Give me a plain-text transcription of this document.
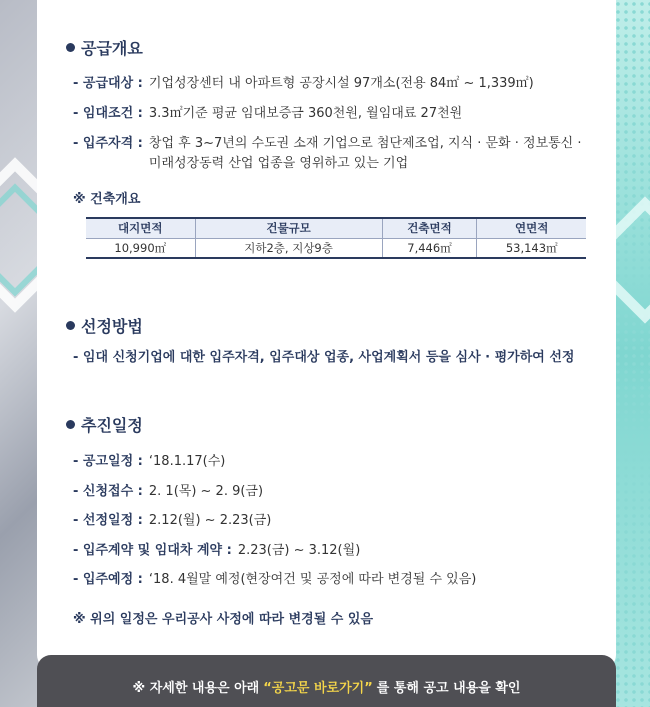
공급개요
- 공급대상 : 기업성장센터 내 아파트형 공장시설 97개소(전용 84㎡ ~ 1,339㎡)
- 임대조건 : 3.3㎡기준 평균 임대보증금 360천원, 월임대료 27천원
- 입주자격 : 창업 후 3~7년의 수도권 소재 기업으로 첨단제조업, 지식 · 문화 · 정보통신 ·
미래성장동력 산업 업종을 영위하고 있는 기업
※ 건축개요
대지면적	건물규모	건축면적	연면적
10,990㎡	지하2층, 지상9층	7,446㎡	53,143㎡
선정방법
- 임대 신청기업에 대한 입주자격, 입주대상 업종, 사업계획서 등을 심사 · 평가하여 선정
추진일정
- 공고일정 : ‘18.1.17(수)
- 신청접수 : 2. 1(목) ~ 2. 9(금)
- 선정일정 : 2.12(월) ~ 2.23(금)
- 입주계약 및 임대차 계약 : 2.23(금) ~ 3.12(월)
- 입주예정 : ‘18. 4월말 예정(현장여건 및 공정에 따라 변경될 수 있음)
※ 위의 일정은 우리공사 사정에 따라 변경될 수 있음
※ 자세한 내용은 아래 “공고문 바로가기” 를 통해 공고 내용을 확인
